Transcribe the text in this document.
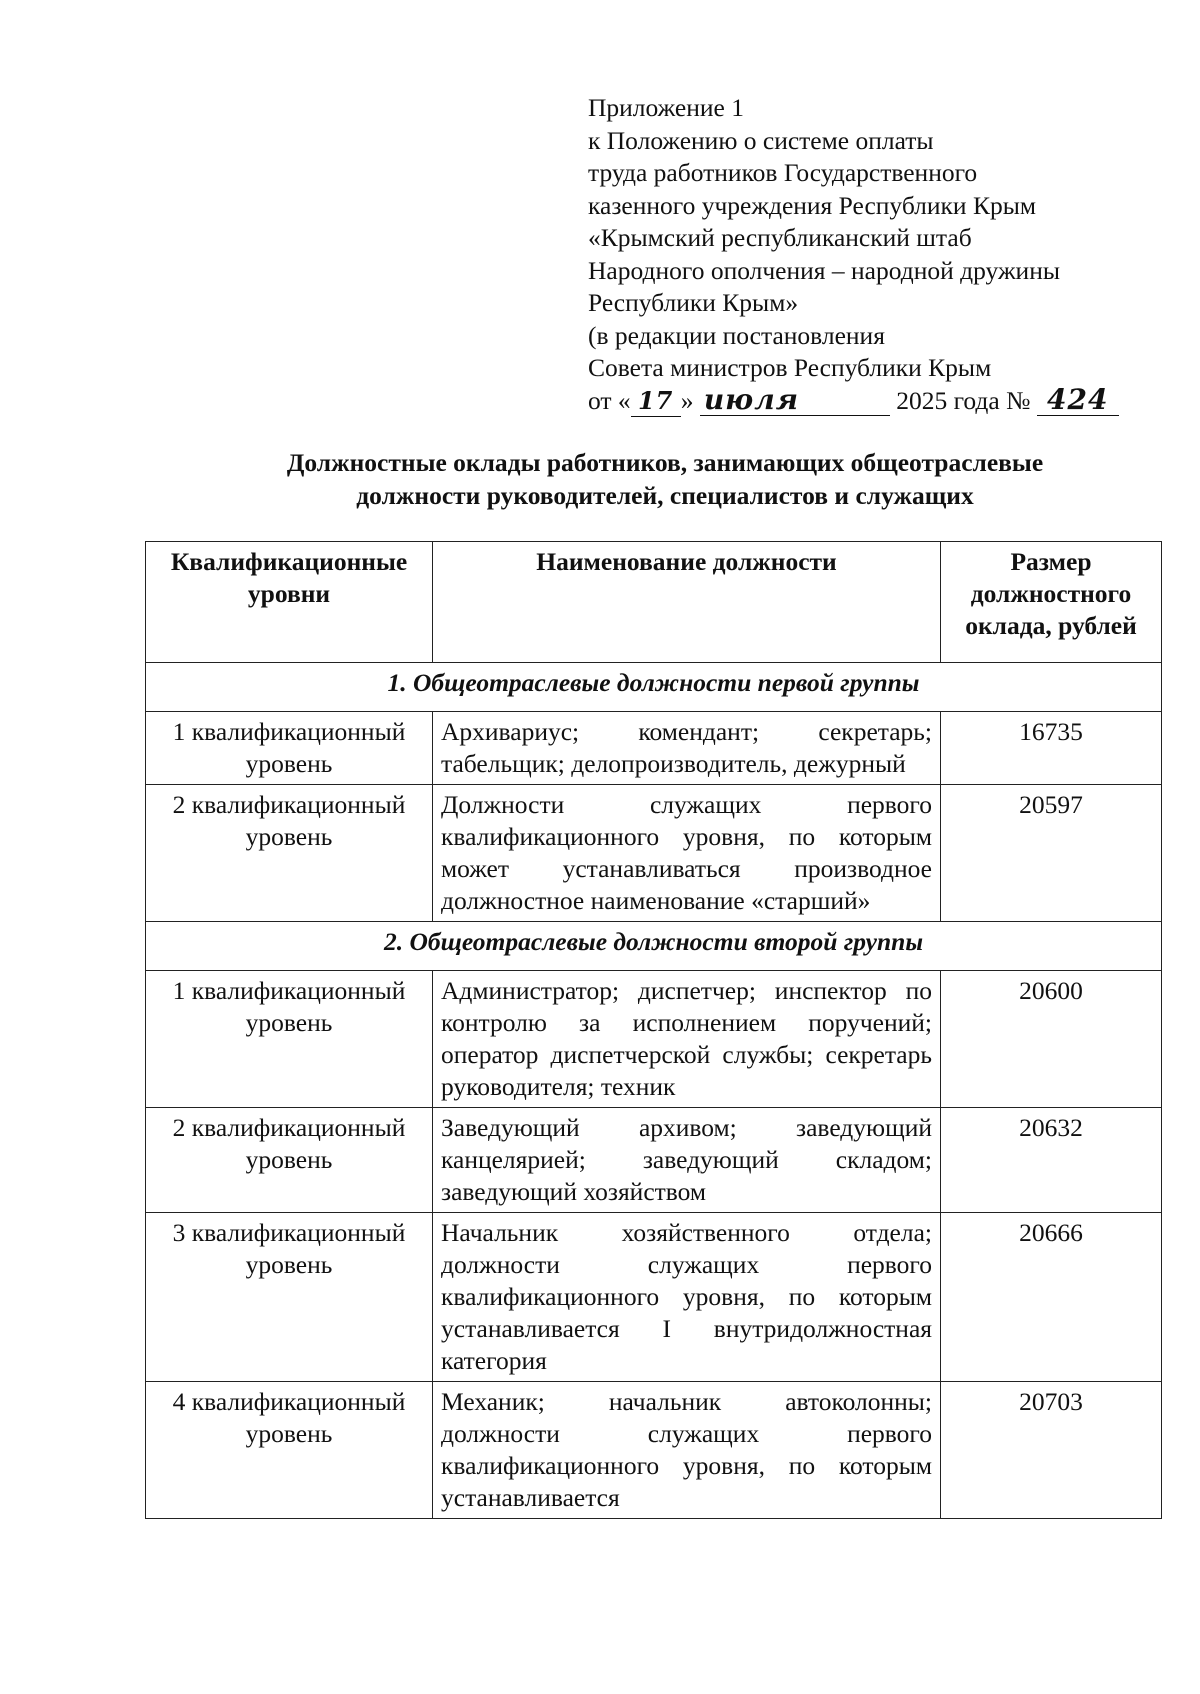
Приложение 1
к Положению о системе оплаты
труда работников Государственного
казенного учреждения Республики Крым
«Крымский республиканский штаб
Народного ополчения – народной дружины
Республики Крым»
(в редакции постановления
Совета министров Республики Крым
от « 17 » июля	2025 года № 424
Должностные оклады работников, занимающих общеотраслевые
должности руководителей, специалистов и служащих
Квалификационные уровни	Наименование должности	Размер должностного оклада, рублей
1. Общеотраслевые должности первой группы		
1 квалификационный уровень	Архивариус; комендант; секретарь; табельщик; делопроизводитель, дежурный	16735
2 квалификационный уровень	Должности служащих первого квалификационного уровня, по которым может устанавливаться производное должностное наименование «старший»	20597
2. Общеотраслевые должности второй группы		
1 квалификационный уровень	Администратор; диспетчер; инспектор по контролю за исполнением поручений; оператор диспетчерской службы; секретарь руководителя; техник	20600
2 квалификационный уровень	Заведующий архивом; заведующий канцелярией; заведующий складом; заведующий хозяйством	20632
3 квалификационный уровень	Начальник хозяйственного отдела; должности служащих первого квалификационного уровня, по которым устанавливается I внутридолжностная категория	20666
4 квалификационный уровень	Механик; начальник автоколонны; должности служащих первого квалификационного уровня, по которым устанавливается	20703
